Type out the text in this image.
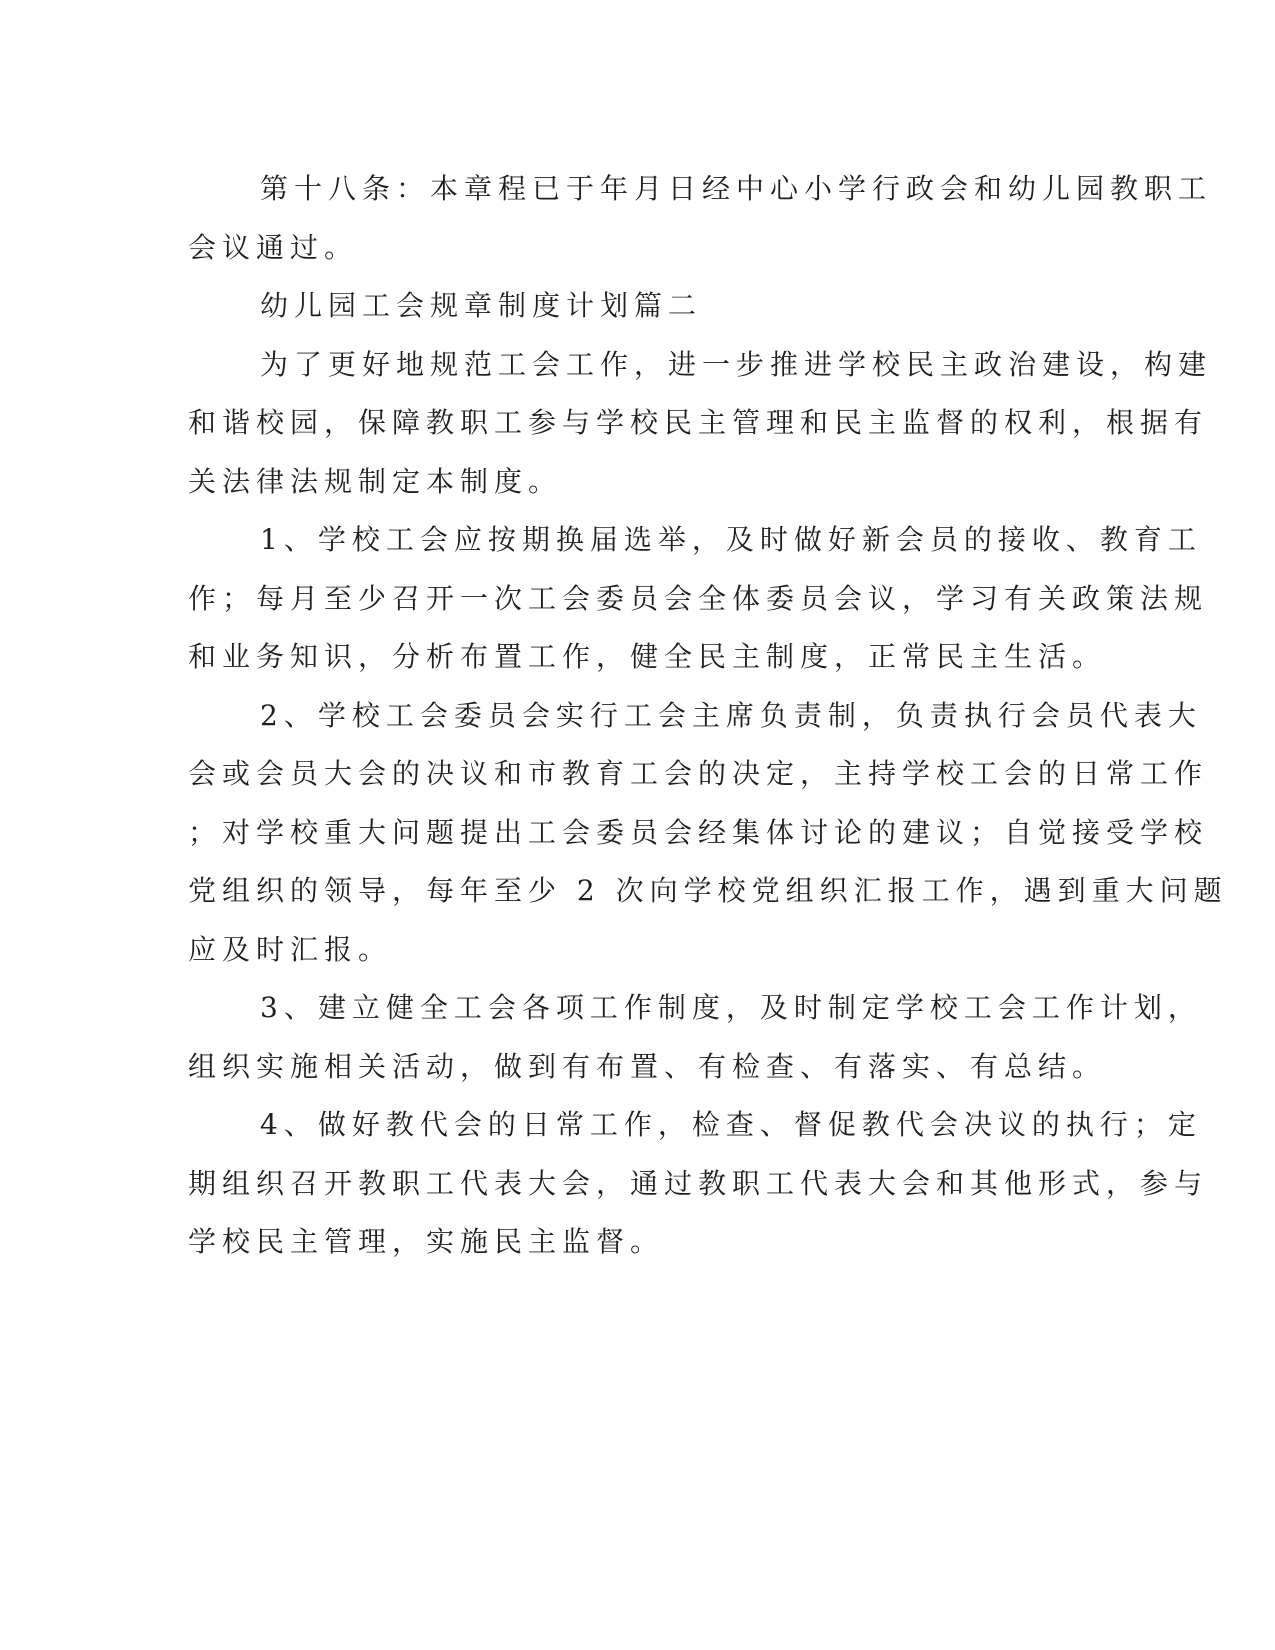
第十八条：本章程已于年月日经中心小学行政会和幼儿园教职工
会议通过。

幼儿园工会规章制度计划篇二

为了更好地规范工会工作，进一步推进学校民主政治建设，构建
和谐校园，保障教职工参与学校民主管理和民主监督的权利，根据有
关法律法规制定本制度。

1、学校工会应按期换届选举，及时做好新会员的接收、教育工
作；每月至少召开一次工会委员会全体委员会议，学习有关政策法规
和业务知识，分析布置工作，健全民主制度，正常民主生活。

2、学校工会委员会实行工会主席负责制，负责执行会员代表大
会或会员大会的决议和市教育工会的决定，主持学校工会的日常工作
；对学校重大问题提出工会委员会经集体讨论的建议；自觉接受学校
党组织的领导，每年至少 2 次向学校党组织汇报工作，遇到重大问题
应及时汇报。

3、建立健全工会各项工作制度，及时制定学校工会工作计划，
组织实施相关活动，做到有布置、有检查、有落实、有总结。

4、做好教代会的日常工作，检查、督促教代会决议的执行；定
期组织召开教职工代表大会，通过教职工代表大会和其他形式，参与
学校民主管理，实施民主监督。
